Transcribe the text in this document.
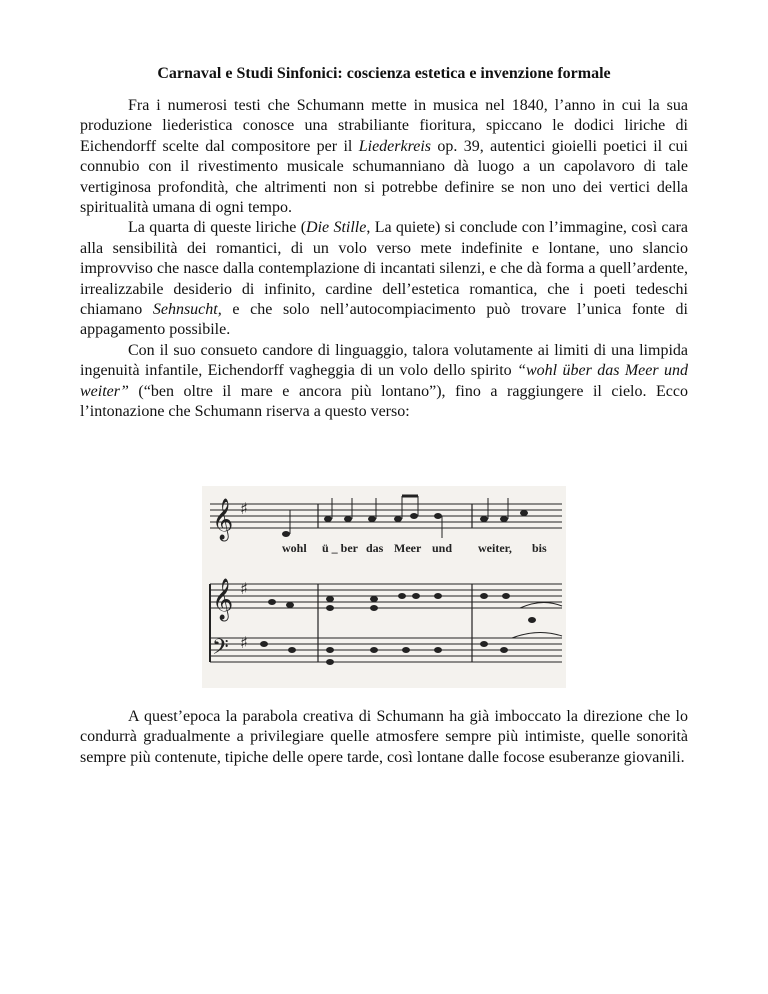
Carnaval e Studi Sinfonici: coscienza estetica e invenzione formale

Fra i numerosi testi che Schumann mette in musica nel 1840, l’anno in cui la sua produzione liederistica conosce una strabiliante fioritura, spiccano le dodici liriche di Eichendorff scelte dal compositore per il Liederkreis op. 39, autentici gioielli poetici il cui connubio con il rivestimento musicale schumanniano dà luogo a un capolavoro di tale vertiginosa profondità, che altrimenti non si potrebbe definire se non uno dei vertici della spiritualità umana di ogni tempo.

La quarta di queste liriche (Die Stille, La quiete) si conclude con l’immagine, così cara alla sensibilità dei romantici, di un volo verso mete indefinite e lontane, uno slancio improvviso che nasce dalla contemplazione di incantati silenzi, e che dà forma a quell’ardente, irrealizzabile desiderio di infinito, cardine dell’estetica romantica, che i poeti tedeschi chiamano Sehnsucht, e che solo nell’autocompiacimento può trovare l’unica fonte di appagamento possibile.

Con il suo consueto candore di linguaggio, talora volutamente ai limiti di una limpida ingenuità infantile, Eichendorff vagheggia di un volo dello spirito “wohl über das Meer und weiter” (“ben oltre il mare e ancora più lontano”), fino a raggiungere il cielo. Ecco l’intonazione che Schumann riserva a questo verso:

𝄞
𝄞
𝄢
♯
♯
♯
wohl ü _ ber das Meer und weiter, bis

A quest’epoca la parabola creativa di Schumann ha già imboccato la direzione che lo condurrà gradualmente a privilegiare quelle atmosfere sempre più intimiste, quelle sonorità sempre più contenute, tipiche delle opere tarde, così lontane dalle focose esuberanze giovanili.
